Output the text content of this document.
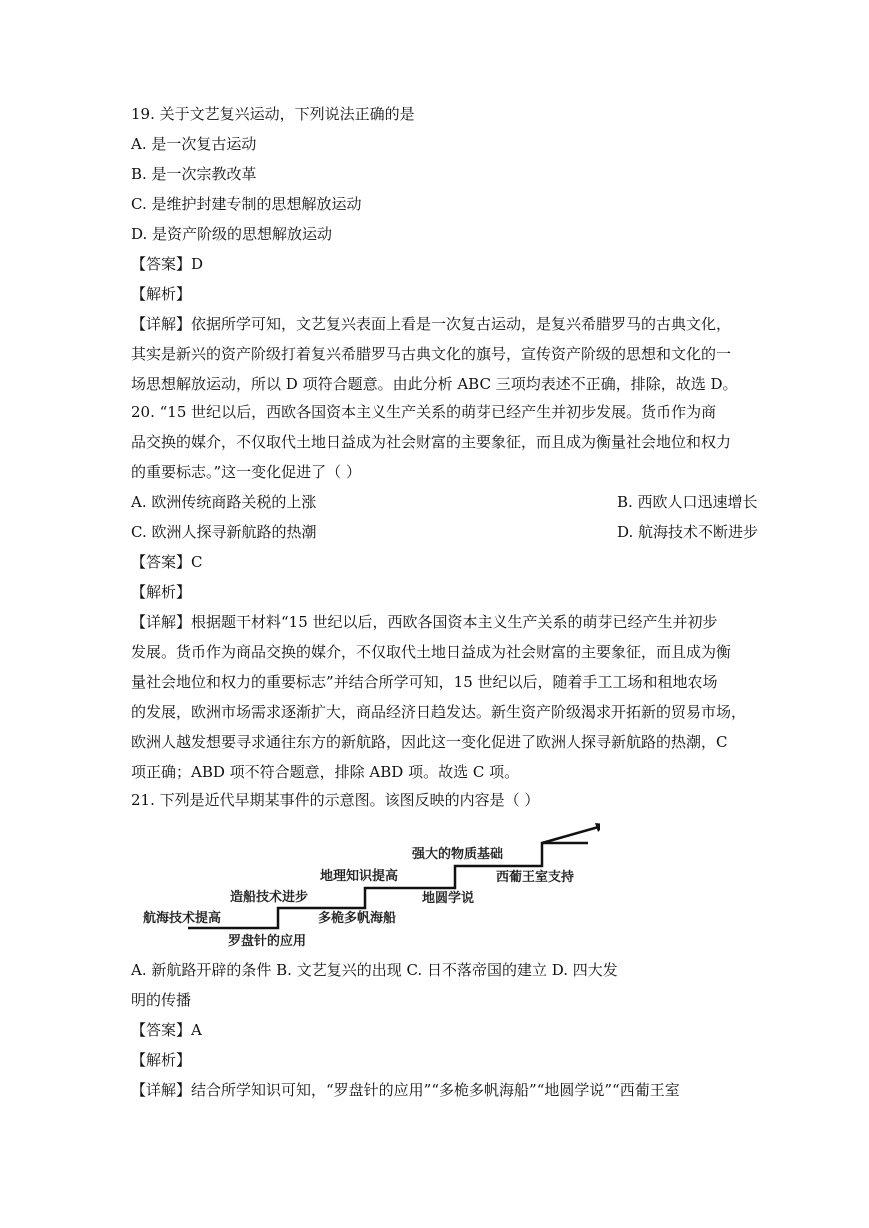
19. 关于文艺复兴运动，下列说法正确的是
A. 是一次复古运动
B. 是一次宗教改革
C. 是维护封建专制的思想解放运动
D. 是资产阶级的思想解放运动
【答案】D
【解析】
【详解】依据所学可知，文艺复兴表面上看是一次复古运动，是复兴希腊罗马的古典文化，
其实是新兴的资产阶级打着复兴希腊罗马古典文化的旗号，宣传资产阶级的思想和文化的一
场思想解放运动，所以 D 项符合题意。由此分析 ABC 三项均表述不正确，排除，故选 D。
20. “15 世纪以后，西欧各国资本主义生产关系的萌芽已经产生并初步发展。货币作为商
品交换的媒介，不仅取代土地日益成为社会财富的主要象征，而且成为衡量社会地位和权力
的重要标志。”这一变化促进了（ ）
A. 欧洲传统商路关税的上涨	B. 西欧人口迅速增长
C. 欧洲人探寻新航路的热潮	D. 航海技术不断进步
【答案】C
【解析】
【详解】根据题干材料“15 世纪以后，西欧各国资本主义生产关系的萌芽已经产生并初步
发展。货币作为商品交换的媒介，不仅取代土地日益成为社会财富的主要象征，而且成为衡
量社会地位和权力的重要标志”并结合所学可知，15 世纪以后，随着手工工场和租地农场
的发展，欧洲市场需求逐渐扩大，商品经济日趋发达。新生资产阶级渴求开拓新的贸易市场，
欧洲人越发想要寻求通往东方的新航路，因此这一变化促进了欧洲人探寻新航路的热潮，C
项正确；ABD 项不符合题意，排除 ABD 项。故选 C 项。
21. 下列是近代早期某事件的示意图。该图反映的内容是（ ）
航海技术提高
罗盘针的应用
造船技术进步
多桅多帆海船
地理知识提高
地圆学说
强大的物质基础
西葡王室支持
A. 新航路开辟的条件 B. 文艺复兴的出现 C. 日不落帝国的建立 D. 四大发
明的传播
【答案】A
【解析】
【详解】结合所学知识可知，“罗盘针的应用”“多桅多帆海船”“地圆学说”“西葡王室
